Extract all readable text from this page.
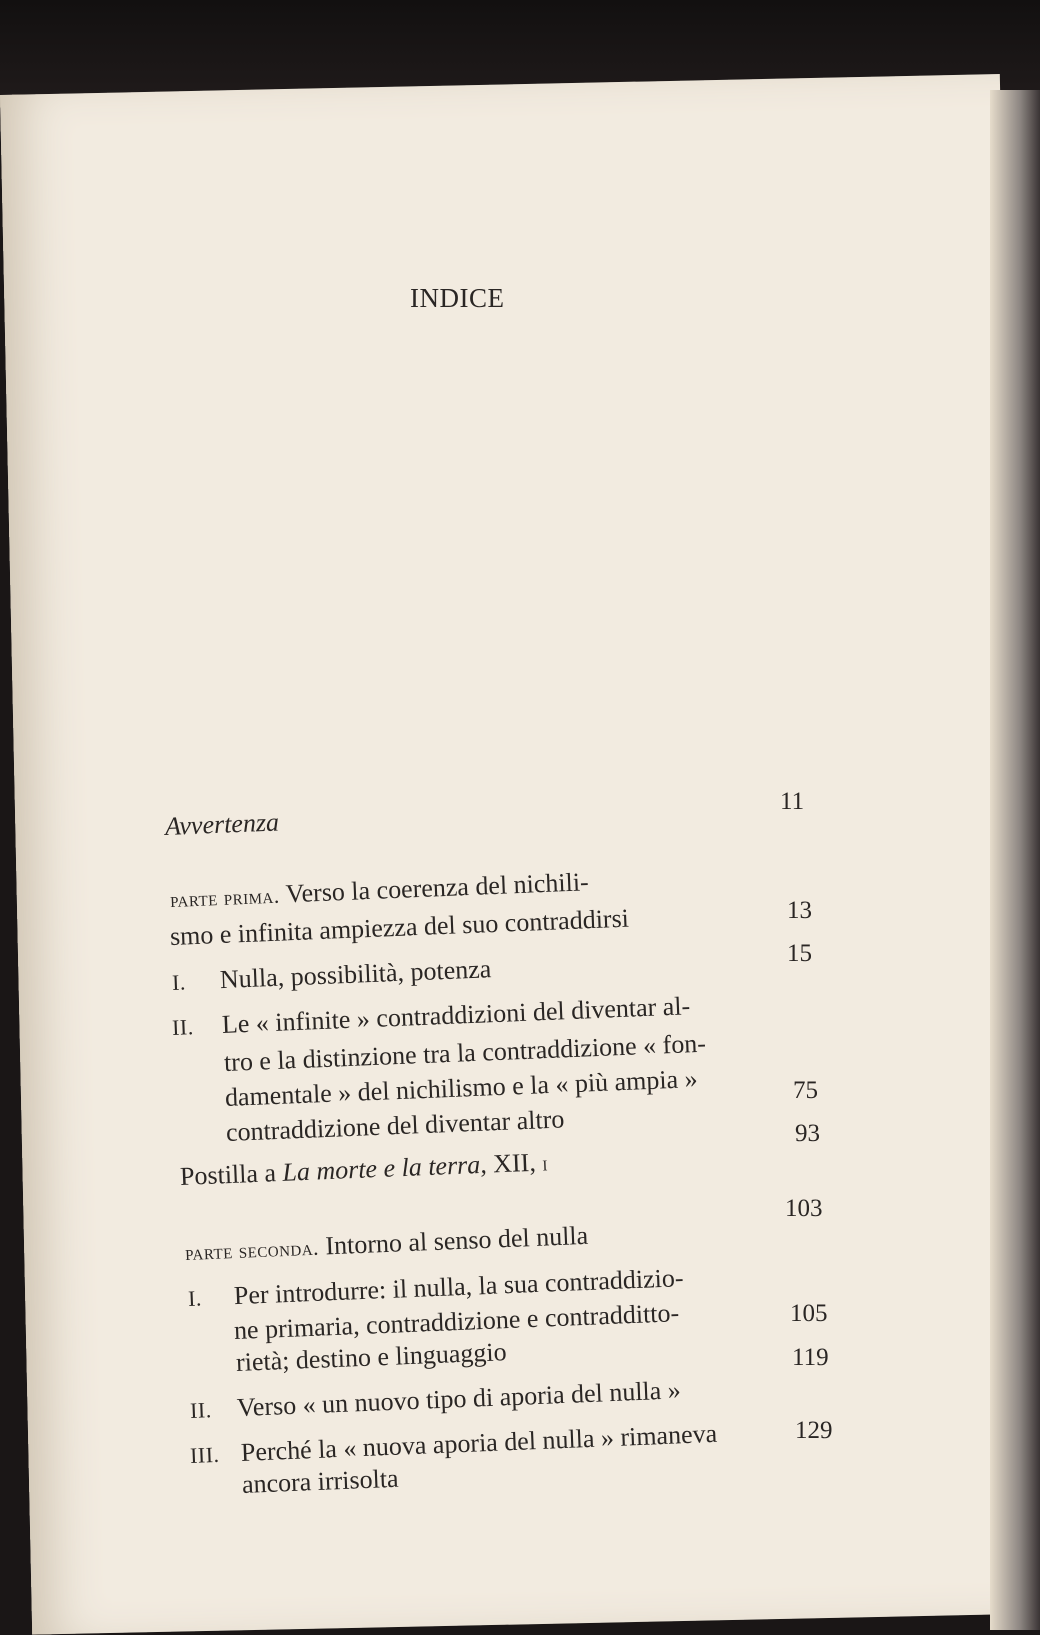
INDICE
Avvertenza
11
parte prima. Verso la coerenza del nichili-
smo e infinita ampiezza del suo contraddirsi	13
I. Nulla, possibilità, potenza
15
II. Le « infinite » contraddizioni del diventar al-
tro e la distinzione tra la contraddizione « fon-
damentale » del nichilismo e la « più ampia »
contraddizione del diventar altro
75
Postilla a La morte e la terra, XII, i
93
parte seconda. Intorno al senso del nulla
103
I. Per introdurre: il nulla, la sua contraddizio-
ne primaria, contraddizione e contradditto-
rietà; destino e linguaggio
105
II. Verso « un nuovo tipo di aporia del nulla »
119
III. Perché la « nuova aporia del nulla » rimaneva
ancora irrisolta
129
